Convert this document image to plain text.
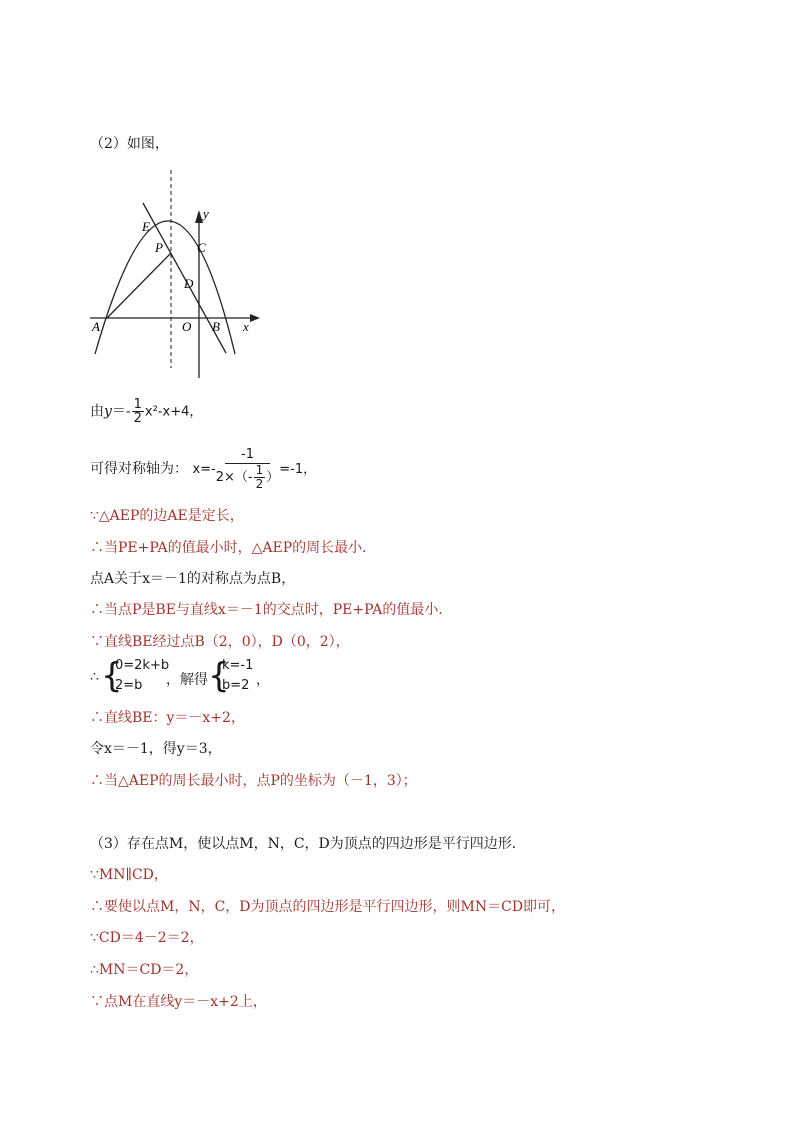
（2）如图，
y
x
E
P	C
D
A	O B
由$y=- \frac{1}{2} x^2-x+4$，
可得对称轴为： $x=- \frac{-1}{2\times(- \frac{1}{2} )} =-1$，
∵△AEP的边AE是定长，
∴当PE+PA的值最小时，△AEP的周长最小．
点A关于x＝－1的对称点为点B，
∴当点P是BE与直线x＝－1的交点时，PE+PA的值最小．
∵直线BE经过点B（2，0），D（0，2），
∴ {
0=2k+b
2=b ，解得 {
k=-1
b=2 ，
∴直线BE：y＝－x+2，
令x＝－1，得y＝3，
∴当△AEP的周长最小时，点P的坐标为（－1，3）；
（3）存在点M，使以点M，N，C，D为顶点的四边形是平行四边形．
∵MN∥CD，
∴要使以点M，N，C，D为顶点的四边形是平行四边形，则MN＝CD即可，
∵CD＝4－2＝2，
∴MN＝CD＝2，
∵点M在直线y＝－x+2上，
